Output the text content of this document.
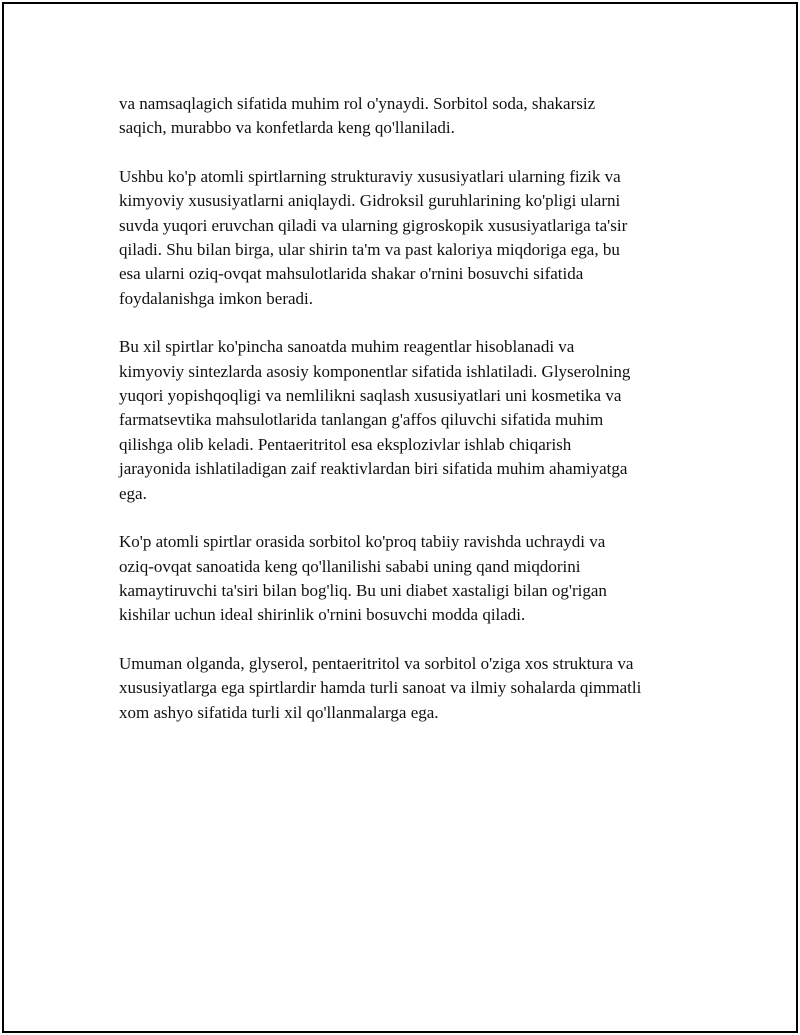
va namsaqlagich sifatida muhim rol o'ynaydi. Sorbitol soda, shakarsiz
saqich, murabbo va konfetlarda keng qo'llaniladi.

Ushbu ko'p atomli spirtlarning strukturaviy xususiyatlari ularning fizik va
kimyoviy xususiyatlarni aniqlaydi. Gidroksil guruhlarining ko'pligi ularni
suvda yuqori eruvchan qiladi va ularning gigroskopik xususiyatlariga ta'sir
qiladi. Shu bilan birga, ular shirin ta'm va past kaloriya miqdoriga ega, bu
esa ularni oziq-ovqat mahsulotlarida shakar o'rnini bosuvchi sifatida
foydalanishga imkon beradi.

Bu xil spirtlar ko'pincha sanoatda muhim reagentlar hisoblanadi va
kimyoviy sintezlarda asosiy komponentlar sifatida ishlatiladi. Glyserolning
yuqori yopishqoqligi va nemlilikni saqlash xususiyatlari uni kosmetika va
farmatsevtika mahsulotlarida tanlangan g'affos qiluvchi sifatida muhim
qilishga olib keladi. Pentaeritritol esa eksplozivlar ishlab chiqarish
jarayonida ishlatiladigan zaif reaktivlardan biri sifatida muhim ahamiyatga
ega.

Ko'p atomli spirtlar orasida sorbitol ko'proq tabiiy ravishda uchraydi va
oziq-ovqat sanoatida keng qo'llanilishi sababi uning qand miqdorini
kamaytiruvchi ta'siri bilan bog'liq. Bu uni diabet xastaligi bilan og'rigan
kishilar uchun ideal shirinlik o'rnini bosuvchi modda qiladi.

Umuman olganda, glyserol, pentaeritritol va sorbitol o'ziga xos struktura va
xususiyatlarga ega spirtlardir hamda turli sanoat va ilmiy sohalarda qimmatli
xom ashyo sifatida turli xil qo'llanmalarga ega.
